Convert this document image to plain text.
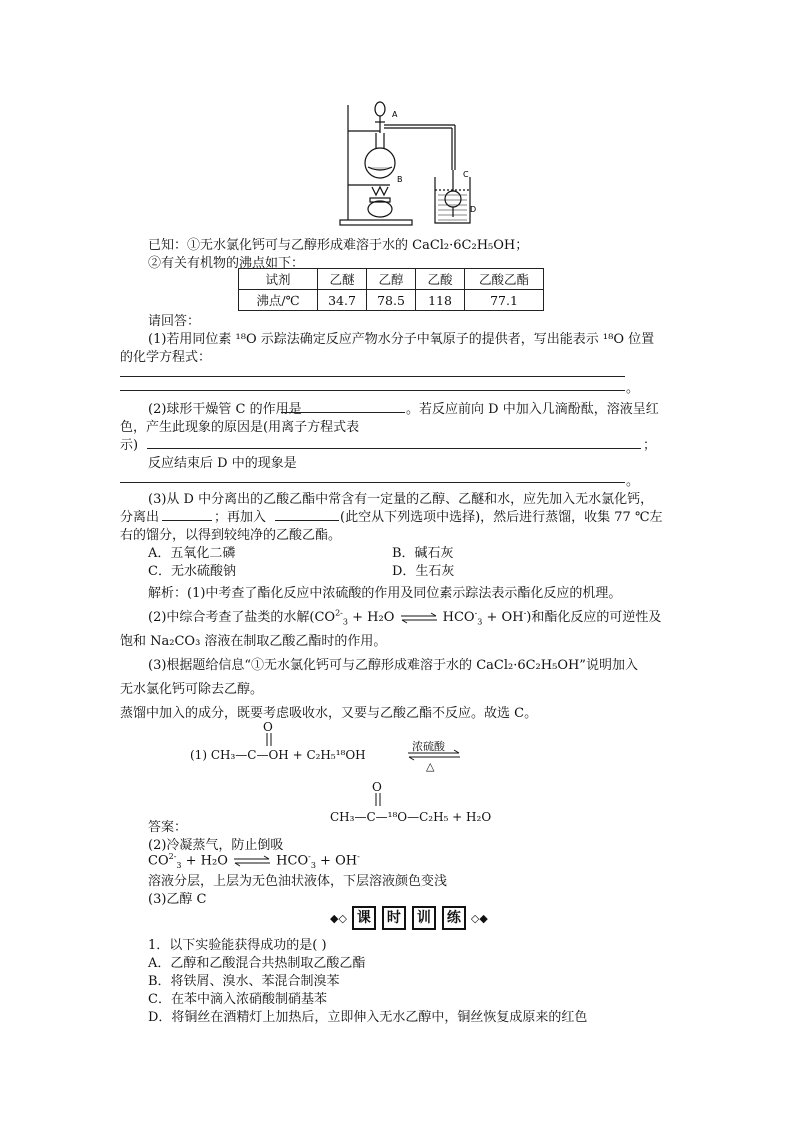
A
B
C
D
已知：①无水氯化钙可与乙醇形成难溶于水的 CaCl₂·6C₂H₅OH；
②有关有机物的沸点如下：
试剂	乙醚	乙醇	乙酸	乙酸乙酯
沸点/℃	34.7	78.5	118	77.1
请回答：
(1)若用同位素 ¹⁸O 示踪法确定反应产物水分子中氧原子的提供者，写出能表示 ¹⁸O 位置
的化学方程式：
。
(2)球形干燥管 C 的作用是	。若反应前向 D 中加入几滴酚酞，溶液呈红
色，产生此现象的原因是(用离子方程式表
示)	；
反应结束后 D 中的现象是
。
(3)从 D 中分离出的乙酸乙酯中常含有一定量的乙醇、乙醚和水，应先加入无水氯化钙，
分离出	；再加入	(此空从下列选项中选择)，然后进行蒸馏，收集 77 ℃左
右的馏分，以得到较纯净的乙酸乙酯。
A．五氧化二磷	B．碱石灰
C．无水硫酸钠	D．生石灰
解析：(1)中考查了酯化反应中浓硫酸的作用及同位素示踪法表示酯化反应的机理。
(2)中综合考查了盐类的水解($CO^{2-}_3 + H_2O$ ⇌ $HCO^-_3 + OH^-$)和酯化反应的可逆性及
饱和 Na₂CO₃ 溶液在制取乙酸乙酯时的作用。
(3)根据题给信息“①无水氯化钙可与乙醇形成难溶于水的 CaCl₂·6C₂H₅OH”说明加入
无水氯化钙可除去乙醇。
蒸馏中加入的成分，既要考虑吸收水，又要与乙酸乙酯不反应。故选 C。
O
(1) CH₃—C—OH + C₂H₅¹⁸OH
浓硫酸
△
O
CH₃—C—¹⁸O—C₂H₅ + H₂O
答案：
(2)冷凝蒸气，防止倒吸
$CO^{2-}_3 + H_2O$ ⇌ $HCO^-_3 + OH^-$
溶液分层，上层为无色油状液体，下层溶液颜色变浅
(3)乙醇 C
◆◇ 课	时	训	练 ◇◆
1．以下实验能获得成功的是( )
A．乙醇和乙酸混合共热制取乙酸乙酯
B．将铁屑、溴水、苯混合制溴苯
C．在苯中滴入浓硝酸制硝基苯
D．将铜丝在酒精灯上加热后，立即伸入无水乙醇中，铜丝恢复成原来的红色
